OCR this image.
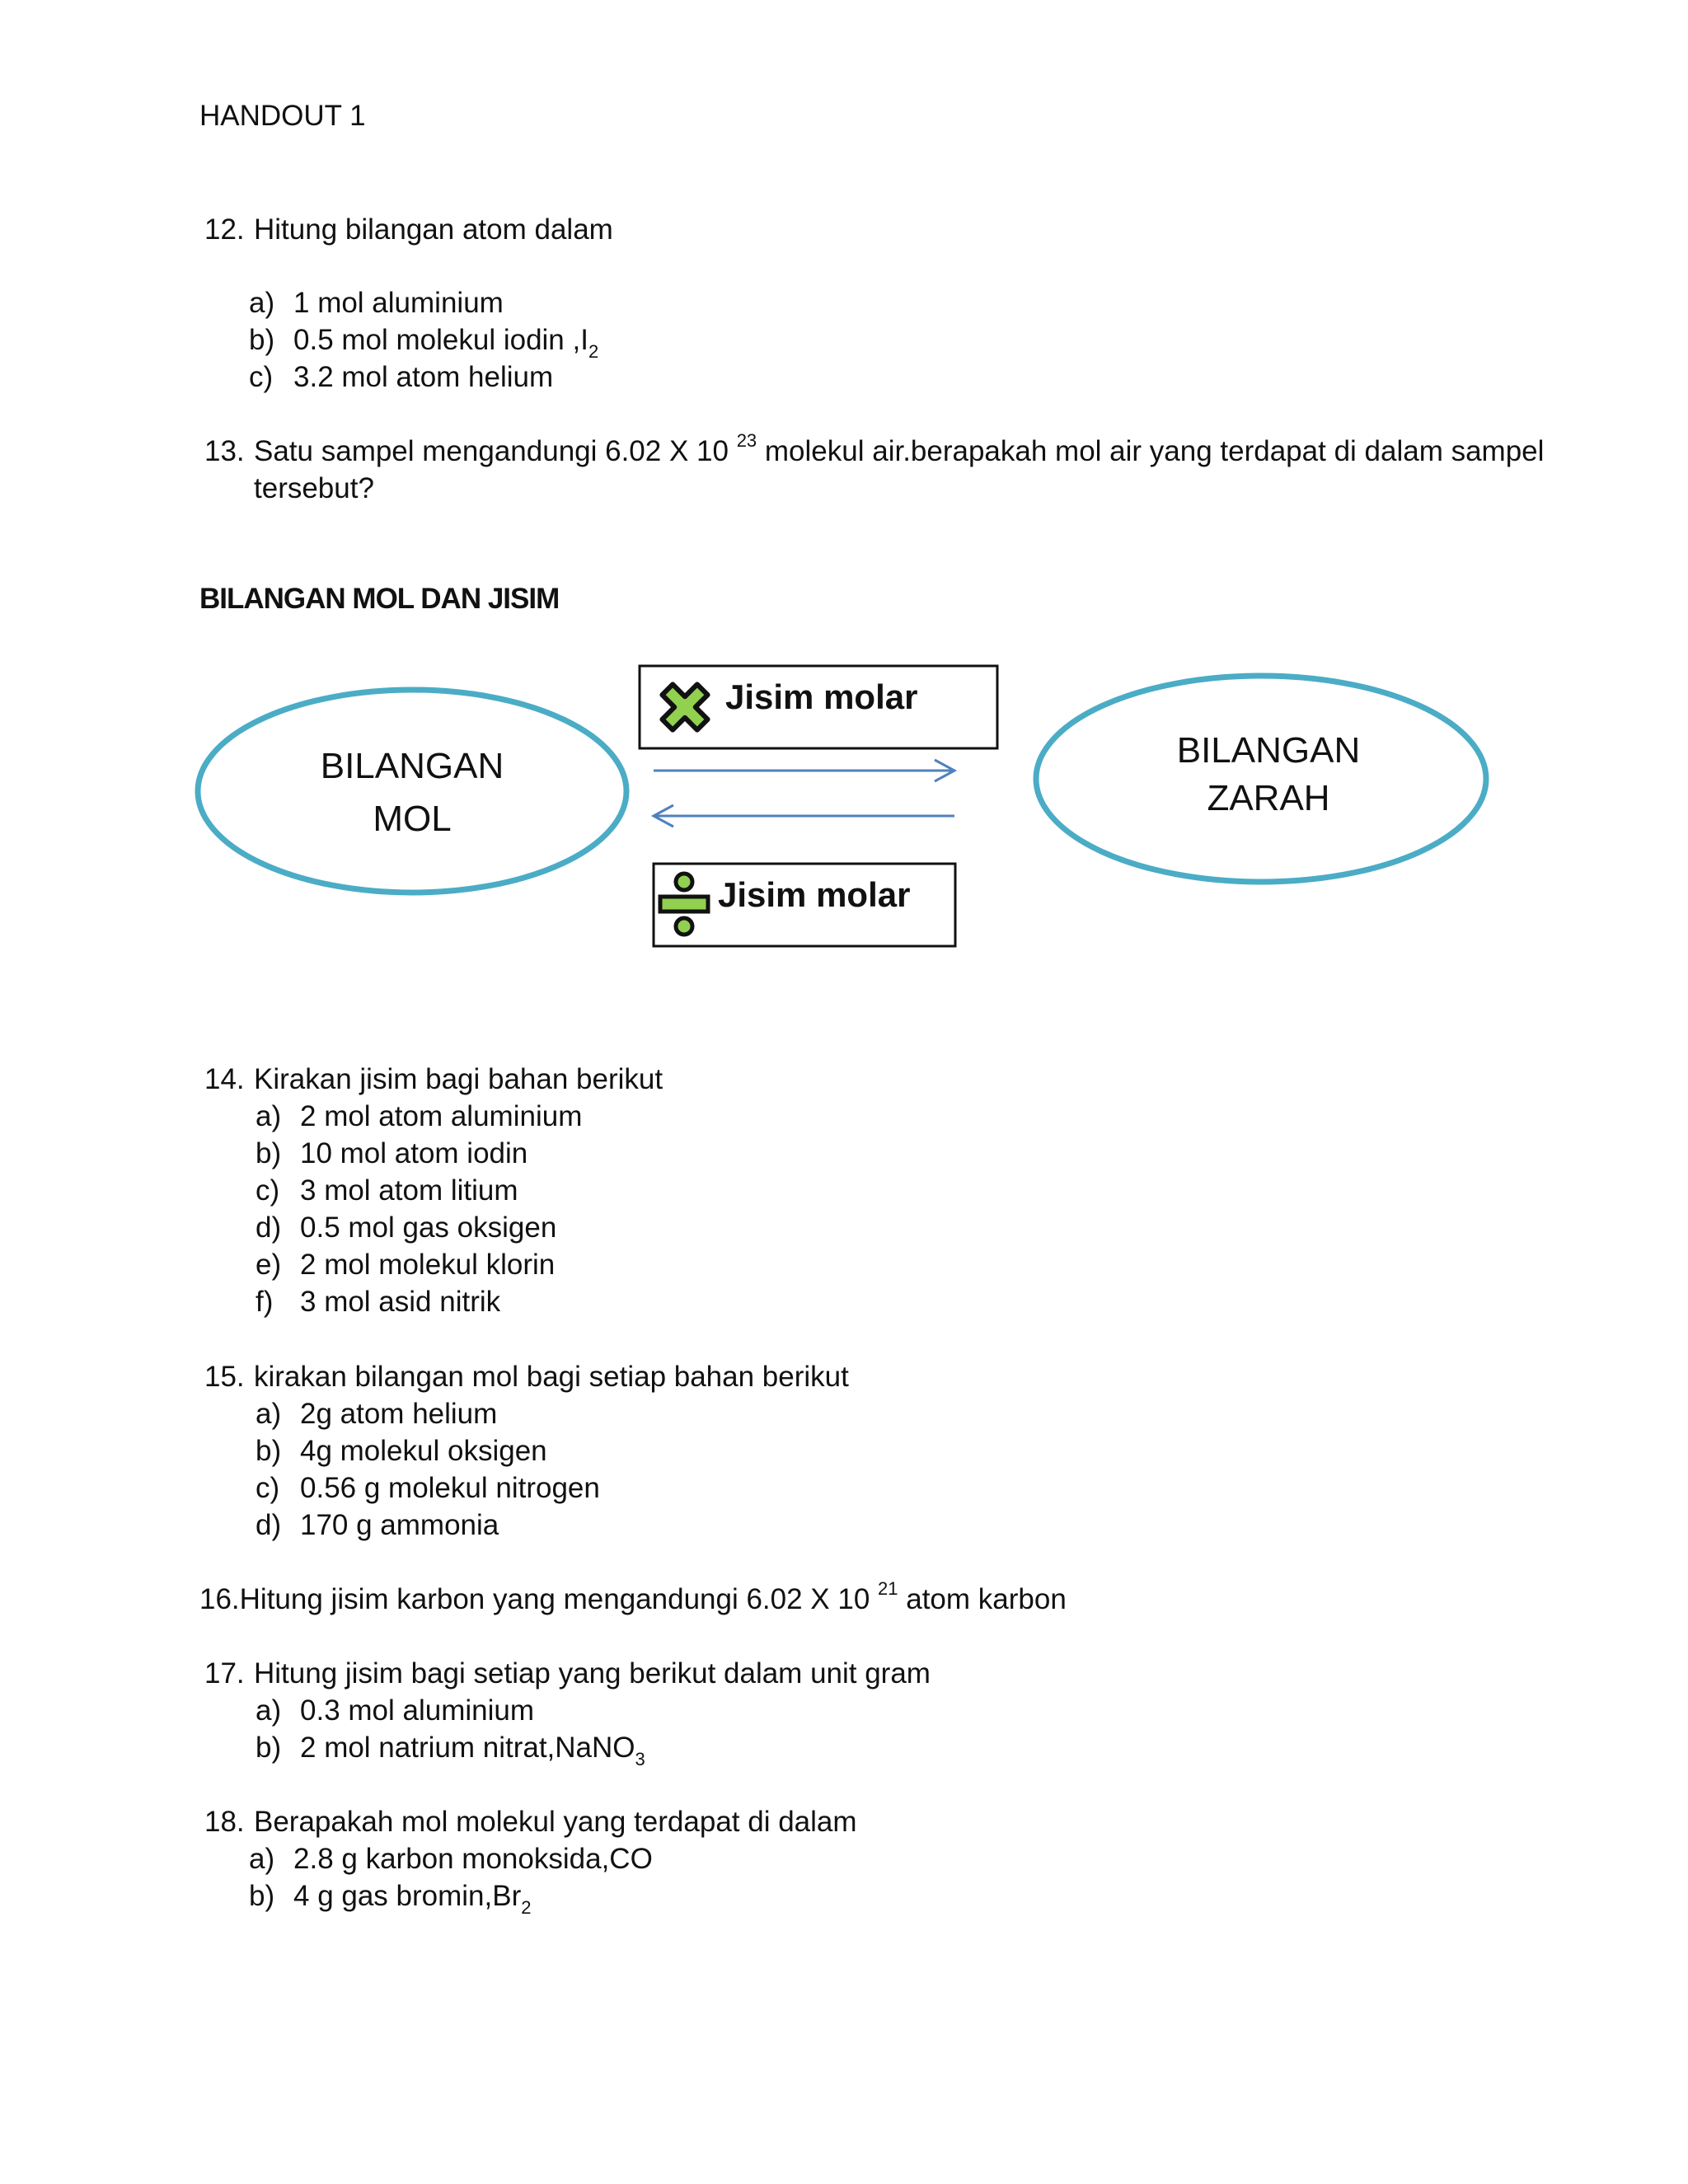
HANDOUT 1
12. Hitung bilangan atom dalam
a) 1 mol aluminium
b) 0.5 mol molekul iodin $,I_2$
c) 3.2 mol atom helium
13. Satu sampel mengandungi 6.02 X 10 $^{23}$ molekul air.berapakah mol air yang terdapat di dalam sampel
tersebut?
BILANGAN MOL DAN JISIM
BILANGAN
MOL
BILANGAN
ZARAH
Jisim molar
Jisim molar
14. Kirakan jisim bagi bahan berikut
a) 2 mol atom aluminium
b) 10 mol atom iodin
c) 3 mol atom litium
d) 0.5 mol gas oksigen
e) 2 mol molekul klorin
f) 3 mol asid nitrik
15. kirakan bilangan mol bagi setiap bahan berikut
a) 2g atom helium
b) 4g molekul oksigen
c) 0.56 g molekul nitrogen
d) 170 g ammonia
16.Hitung jisim karbon yang mengandungi 6.02 X 10 $^{21}$ atom karbon
17. Hitung jisim bagi setiap yang berikut dalam unit gram
a) 0.3 mol aluminium
b) 2 mol natrium nitrat,NaNO$_3$
18. Berapakah mol molekul yang terdapat di dalam
a) 2.8 g karbon monoksida,CO
b) 4 g gas $bromin,Br_2$
